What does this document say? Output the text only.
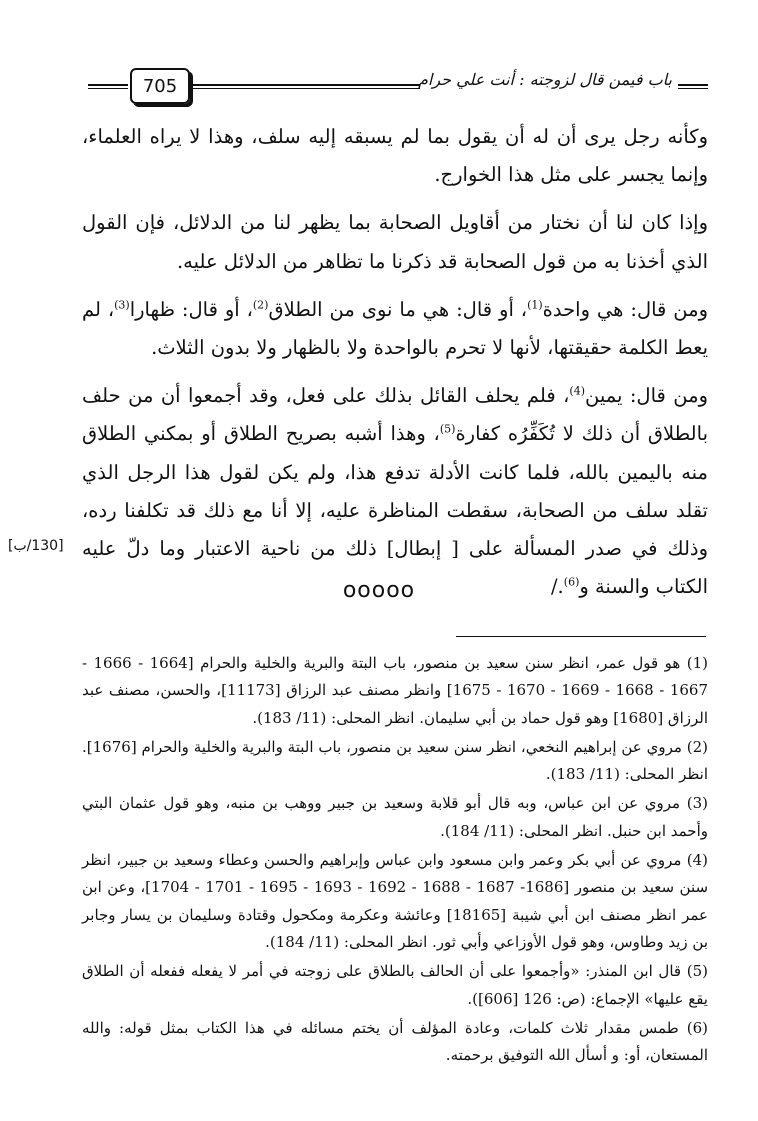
705	باب فيمن قال لزوجته : أنت علي حرام

وكأنه رجل يرى أن له أن يقول بما لم يسبقه إليه سلف، وهذا لا يراه العلماء، وإنما يجسر على مثل هذا الخوارج.

وإذا كان لنا أن نختار من أقاويل الصحابة بما يظهر لنا من الدلائل، فإن القول الذي أخذنا به من قول الصحابة قد ذكرنا ما تظاهر من الدلائل عليه.

ومن قال: هي واحدة$^{(1)}$، أو قال: هي ما نوى من الطلاق$^{(2)}$، أو قال: ظهارا$^{(3)}$، لم يعط الكلمة حقيقتها، لأنها لا تحرم بالواحدة ولا بالظهار ولا بدون الثلاث.

ومن قال: يمين$^{(4)}$، فلم يحلف القائل بذلك على فعل، وقد أجمعوا أن من حلف بالطلاق أن ذلك لا تُكَفِّرُه كفارة$^{(5)}$، وهذا أشبه بصريح الطلاق أو بمكني الطلاق منه باليمين بالله، فلما كانت الأدلة تدفع هذا، ولم يكن لقول هذا الرجل الذي تقلد سلف من الصحابة، سقطت المناظرة عليه، إلا أنا مع ذلك قد تكلفنا رده، وذلك في صدر المسألة على [ إبطال] ذلك من ناحية الاعتبار وما دلّ عليه الكتاب والسنة و$^{(6)}$./

[130/ب]
ooooo

(1) هو قول عمر، انظر سنن سعيد بن منصور، باب البتة والبرية والخلية والحرام [1664 - 1666 - 1667 - 1668 - 1669 - 1670 - 1675] وانظر مصنف عبد الرزاق [11173]، والحسن، مصنف عبد الرزاق [1680] وهو قول حماد بن أبي سليمان. انظر المحلى: (11/ 183).

(2) مروي عن إبراهيم النخعي، انظر سنن سعيد بن منصور، باب البتة والبرية والخلية والحرام [1676]. انظر المحلى: (11/ 183).

(3) مروي عن ابن عباس، وبه قال أبو قلابة وسعيد بن جبير ووهب بن منبه، وهو قول عثمان البتي وأحمد ابن حنبل. انظر المحلى: (11/ 184).

(4) مروي عن أبي بكر وعمر وابن مسعود وابن عباس وإبراهيم والحسن وعطاء وسعيد بن جبير، انظر سنن سعيد بن منصور [1686- 1687 - 1688 - 1692 - 1693 - 1695 - 1701 - 1704]، وعن ابن عمر انظر مصنف ابن أبي شيبة [18165] وعائشة وعكرمة ومكحول وقتادة وسليمان بن يسار وجابر بن زيد وطاوس، وهو قول الأوزاعي وأبي ثور. انظر المحلى: (11/ 184).

(5) قال ابن المنذر: «وأجمعوا على أن الحالف بالطلاق على زوجته في أمر لا يفعله ففعله أن الطلاق يقع عليها» الإجماع: (ص: 126 [606]).

(6) طمس مقدار ثلاث كلمات، وعادة المؤلف أن يختم مسائله في هذا الكتاب بمثل قوله: والله المستعان، أو: و أسأل الله التوفيق برحمته.
